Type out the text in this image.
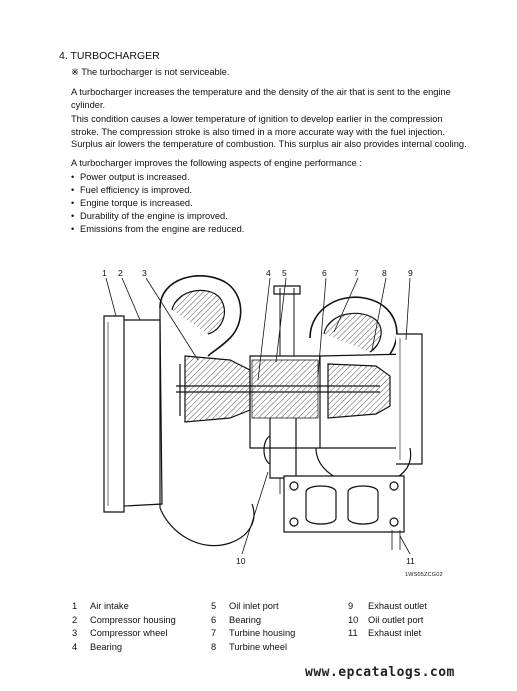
4. TURBOCHARGER
※ The turbocharger is not serviceable.
A turbocharger increases the temperature and the density of the air that is sent to the engine cylinder.
This condition causes a lower temperature of ignition to develop earlier in the compression stroke. The compression stroke is also timed in a more accurate way with the fuel injection. Surplus air lowers the temperature of combustion. This surplus air also provides internal cooling.
A turbocharger improves the following aspects of engine performance :
• Power output is increased.
• Fuel efficiency is improved.
• Engine torque is increased.
• Durability of the engine is improved.
• Emissions from the engine are reduced.
1 2 3	4 5	6	7	8 9
10	11
1WS05ZCG02
1	Air intake	5	Oil inlet port	9	Exhaust outlet
2	Compressor housing	6	Bearing	10 Oil outlet port
3	Compressor wheel	7	Turbine housing	11 Exhaust inlet
4	Bearing	8	Turbine wheel
www.epcatalogs.com
